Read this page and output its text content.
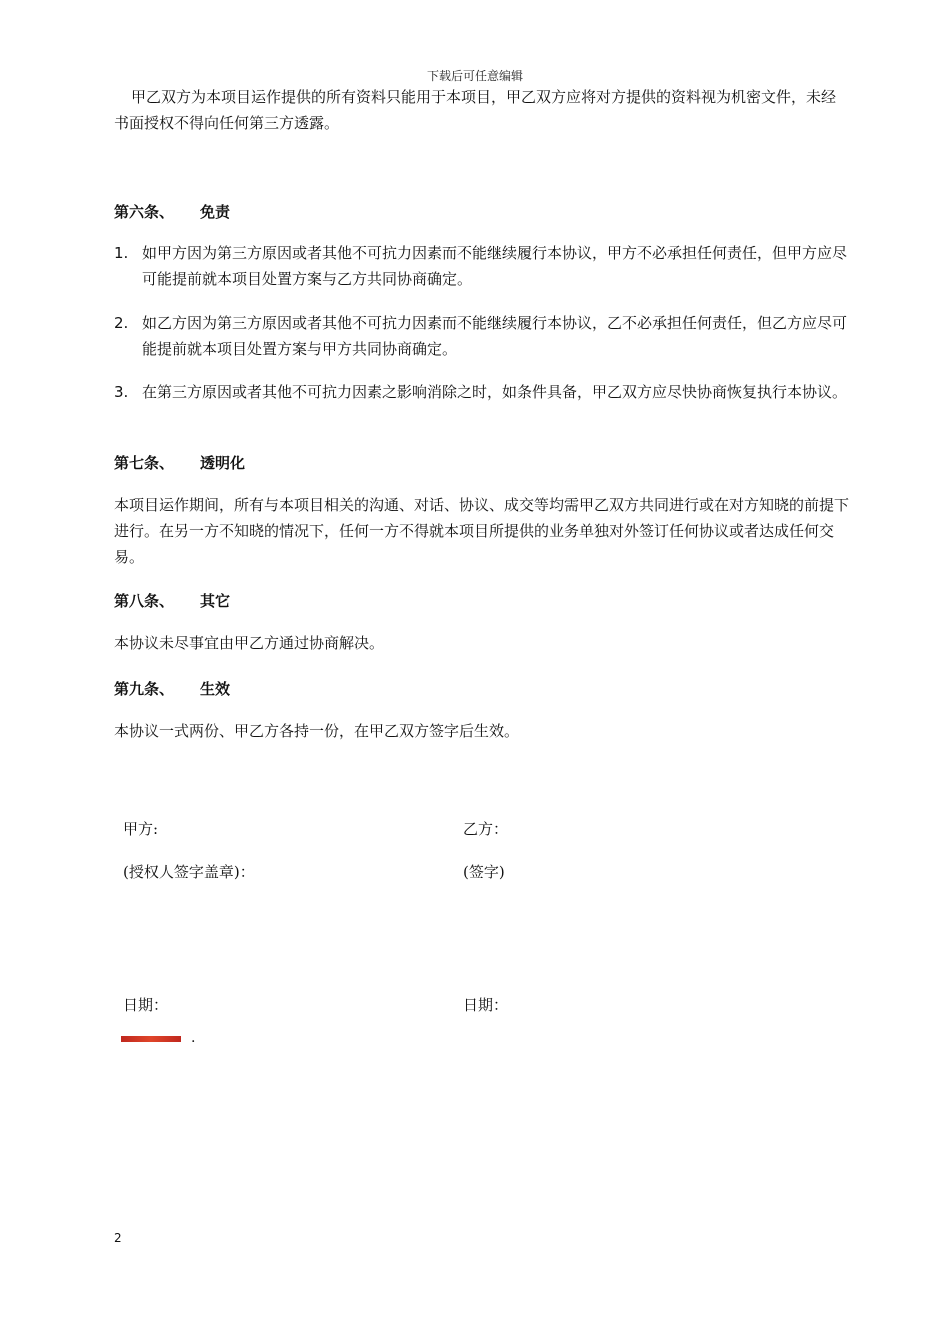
下载后可任意编辑
甲乙双方为本项目运作提供的所有资料只能用于本项目，甲乙双方应将对方提供的资料视为机密文件，未经书面授权不得向任何第三方透露。
第六条、 免责
1. 如甲方因为第三方原因或者其他不可抗力因素而不能继续履行本协议，甲方不必承担任何责任，但甲方应尽可能提前就本项目处置方案与乙方共同协商确定。
2. 如乙方因为第三方原因或者其他不可抗力因素而不能继续履行本协议，乙不必承担任何责任，但乙方应尽可能提前就本项目处置方案与甲方共同协商确定。
3. 在第三方原因或者其他不可抗力因素之影响消除之时，如条件具备，甲乙双方应尽快协商恢复执行本协议。
第七条、 透明化
本项目运作期间，所有与本项目相关的沟通、对话、协议、成交等均需甲乙双方共同进行或在对方知晓的前提下进行。在另一方不知晓的情况下，任何一方不得就本项目所提供的业务单独对外签订任何协议或者达成任何交易。
第八条、 其它
本协议未尽事宜由甲乙方通过协商解决。
第九条、 生效
本协议一式两份、甲乙方各持一份，在甲乙双方签字后生效。
甲方:	乙方：
(授权人签字盖章)：	(签字)
日期：	日期：
.
2
